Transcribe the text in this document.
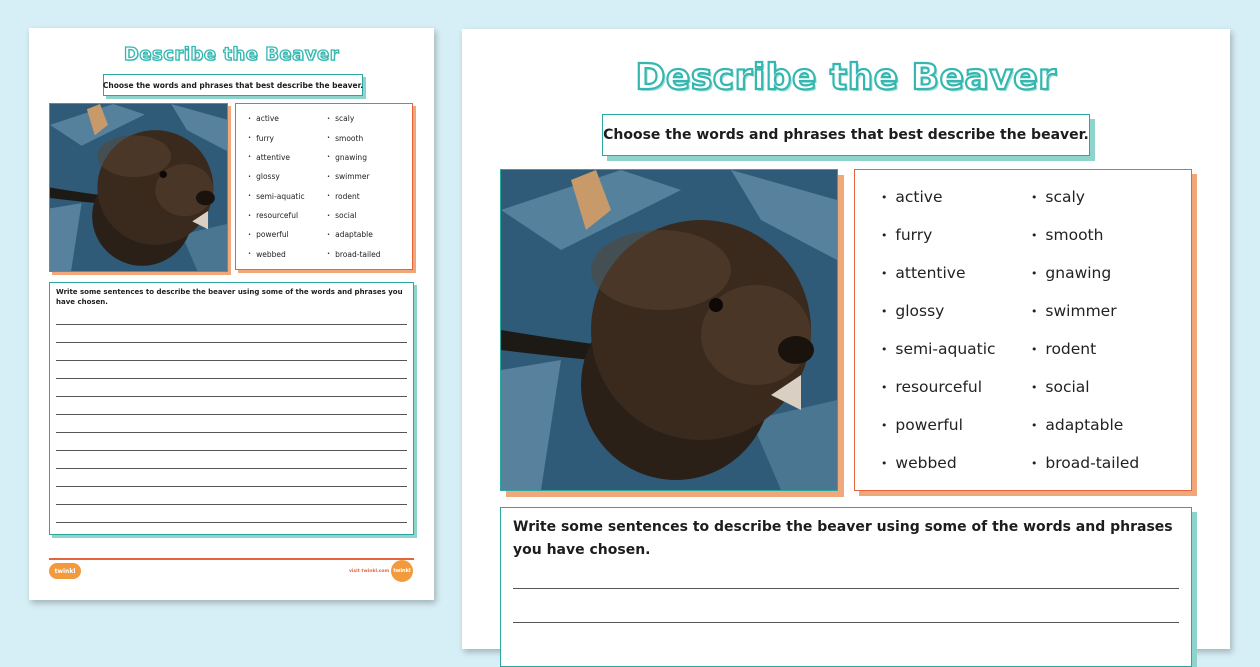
Describe the Beaver
Choose the words and phrases that best describe the beaver.
• active	• scaly
• furry	• smooth
• attentive	• gnawing
• glossy	• swimmer
• semi-aquatic	• rodent
• resourceful	• social
• powerful	• adaptable
• webbed	• broad-tailed
Write some sentences to describe the beaver using some of the words and phrases you have chosen.
twinkl	visit twinkl.com twinkl
Describe the Beaver
Choose the words and phrases that best describe the beaver.
• active	• scaly
• furry	• smooth
• attentive	• gnawing
• glossy	• swimmer
• semi-aquatic	• rodent
• resourceful	• social
• powerful	• adaptable
• webbed	• broad-tailed
Write some sentences to describe the beaver using some of the words and phrases you have chosen.
